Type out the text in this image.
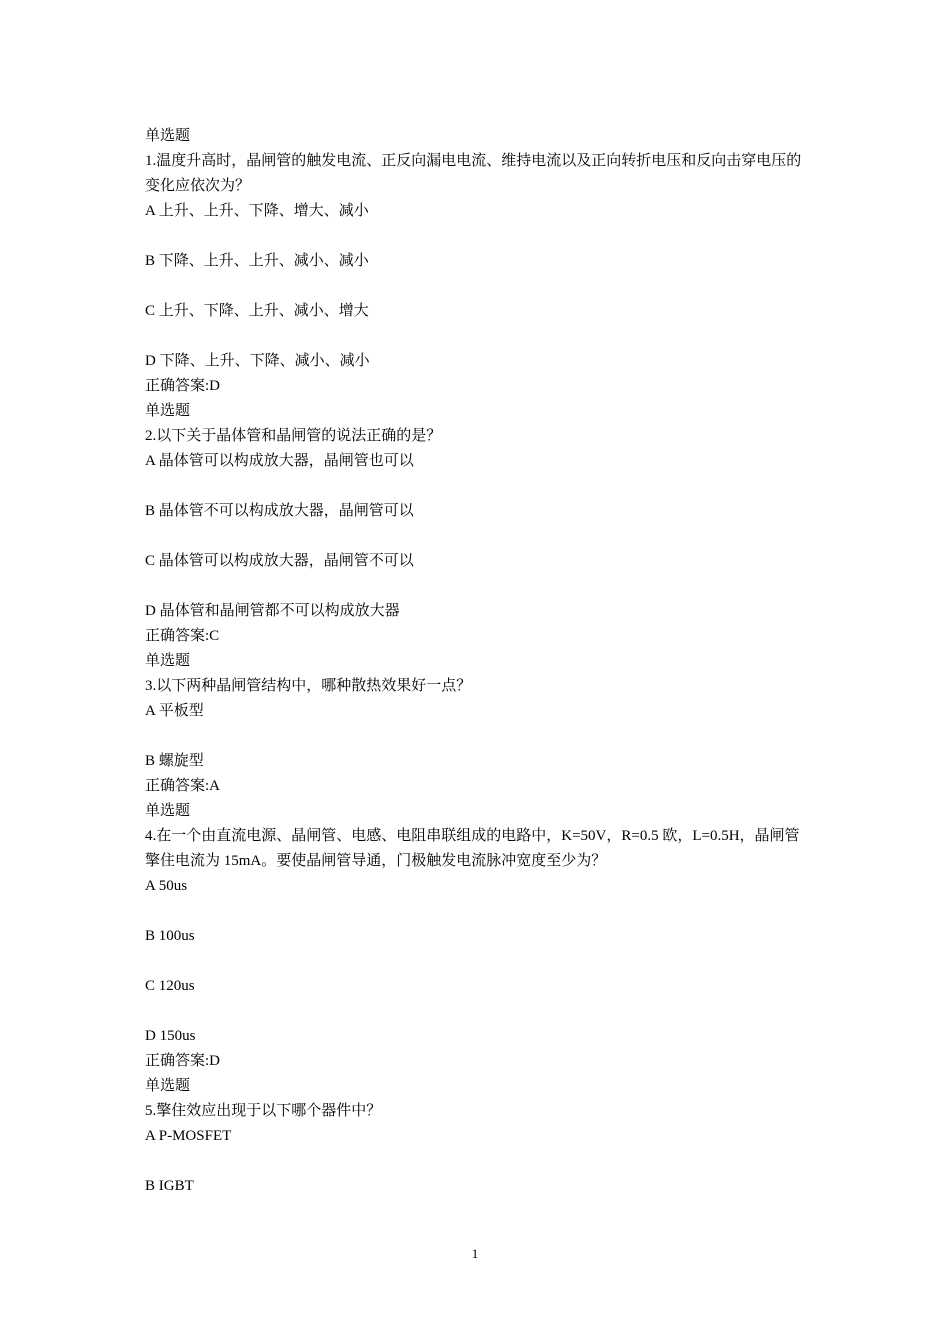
单选题
1.温度升高时，晶闸管的触发电流、正反向漏电电流、维持电流以及正向转折电压和反向击穿电压的变化应依次为？
A 上升、上升、下降、增大、减小
B 下降、上升、上升、减小、减小
C 上升、下降、上升、减小、增大
D 下降、上升、下降、减小、减小
正确答案:D
单选题
2.以下关于晶体管和晶闸管的说法正确的是？
A 晶体管可以构成放大器，晶闸管也可以
B 晶体管不可以构成放大器，晶闸管可以
C 晶体管可以构成放大器，晶闸管不可以
D 晶体管和晶闸管都不可以构成放大器
正确答案:C
单选题
3.以下两种晶闸管结构中，哪种散热效果好一点？
A 平板型
B 螺旋型
正确答案:A
单选题
4.在一个由直流电源、晶闸管、电感、电阻串联组成的电路中，K=50V，R=0.5 欧，L=0.5H，晶闸管擎住电流为 15mA。要使晶闸管导通，门极触发电流脉冲宽度至少为？
A 50us
B 100us
C 120us
D 150us
正确答案:D
单选题
5.擎住效应出现于以下哪个器件中？
A P-MOSFET
B IGBT
1
